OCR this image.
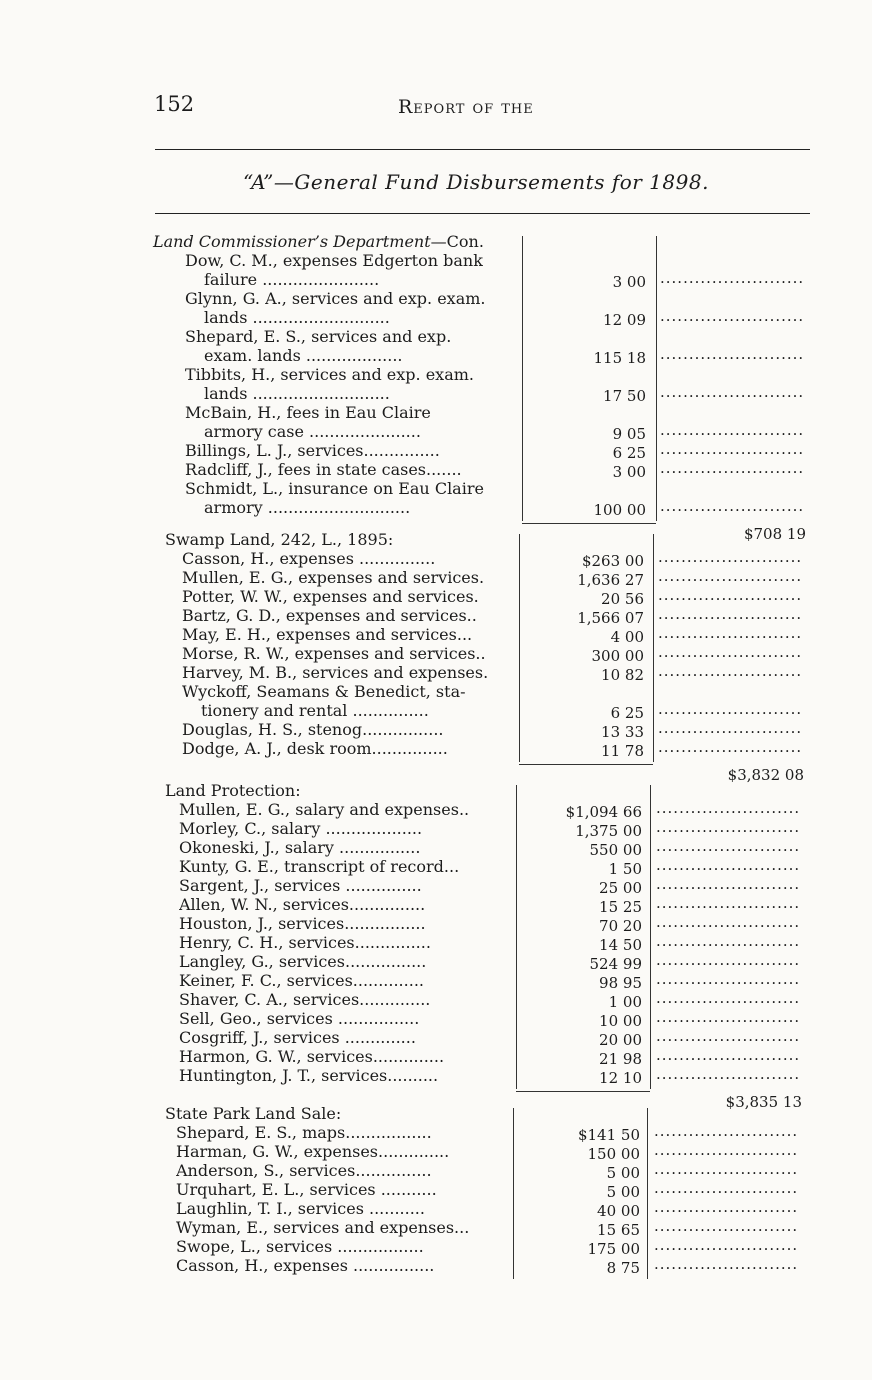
152	Report of the
“A”—General Fund Disbursements for 1898.
Land Commissioner’s Department—Con.
Dow, C. M., expenses Edgerton bank
failure .......................	3 00 ·························
Glynn, G. A., services and exp. exam.
lands ...........................	12 09 ·························
Shepard, E. S., services and exp.
exam. lands ...................	115 18 ·························
Tibbits, H., services and exp. exam.
lands ...........................	17 50 ·························
McBain, H., fees in Eau Claire
armory case ......................	9 05 ·························
Billings, L. J., services...............	6 25 ·························
Radcliff, J., fees in state cases.......	3 00 ·························
Schmidt, L., insurance on Eau Claire
armory ............................	100 00 ·························
$708 19
Swamp Land, 242, L., 1895:
Casson, H., expenses ...............	$263 00 ·························
Mullen, E. G., expenses and services.	1,636 27 ·························
Potter, W. W., expenses and services.	20 56 ·························
Bartz, G. D., expenses and services..	1,566 07 ·························
May, E. H., expenses and services...	4 00 ·························
Morse, R. W., expenses and services..	300 00 ·························
Harvey, M. B., services and expenses.	10 82 ·························
Wyckoff, Seamans & Benedict, sta-
tionery and rental ...............	6 25 ·························
Douglas, H. S., stenog................	13 33 ·························
Dodge, A. J., desk room...............	11 78 ·························
$3,832 08
Land Protection:
Mullen, E. G., salary and expenses..	$1,094 66 ·························
Morley, C., salary ...................	1,375 00 ·························
Okoneski, J., salary ................	550 00 ·························
Kunty, G. E., transcript of record...	1 50 ·························
Sargent, J., services ...............	25 00 ·························
Allen, W. N., services...............	15 25 ·························
Houston, J., services................	70 20 ·························
Henry, C. H., services...............	14 50 ·························
Langley, G., services................	524 99 ·························
Keiner, F. C., services..............	98 95 ·························
Shaver, C. A., services..............	1 00 ·························
Sell, Geo., services ................	10 00 ·························
Cosgriff, J., services ..............	20 00 ·························
Harmon, G. W., services..............	21 98 ·························
Huntington, J. T., services..........	12 10 ·························
$3,835 13
State Park Land Sale:
Shepard, E. S., maps.................	$141 50 ·························
Harman, G. W., expenses..............	150 00 ·························
Anderson, S., services...............	5 00 ·························
Urquhart, E. L., services ...........	5 00 ·························
Laughlin, T. I., services ...........	40 00 ·························
Wyman, E., services and expenses...	15 65 ·························
Swope, L., services .................	175 00 ·························
Casson, H., expenses ................	8 75 ·························
